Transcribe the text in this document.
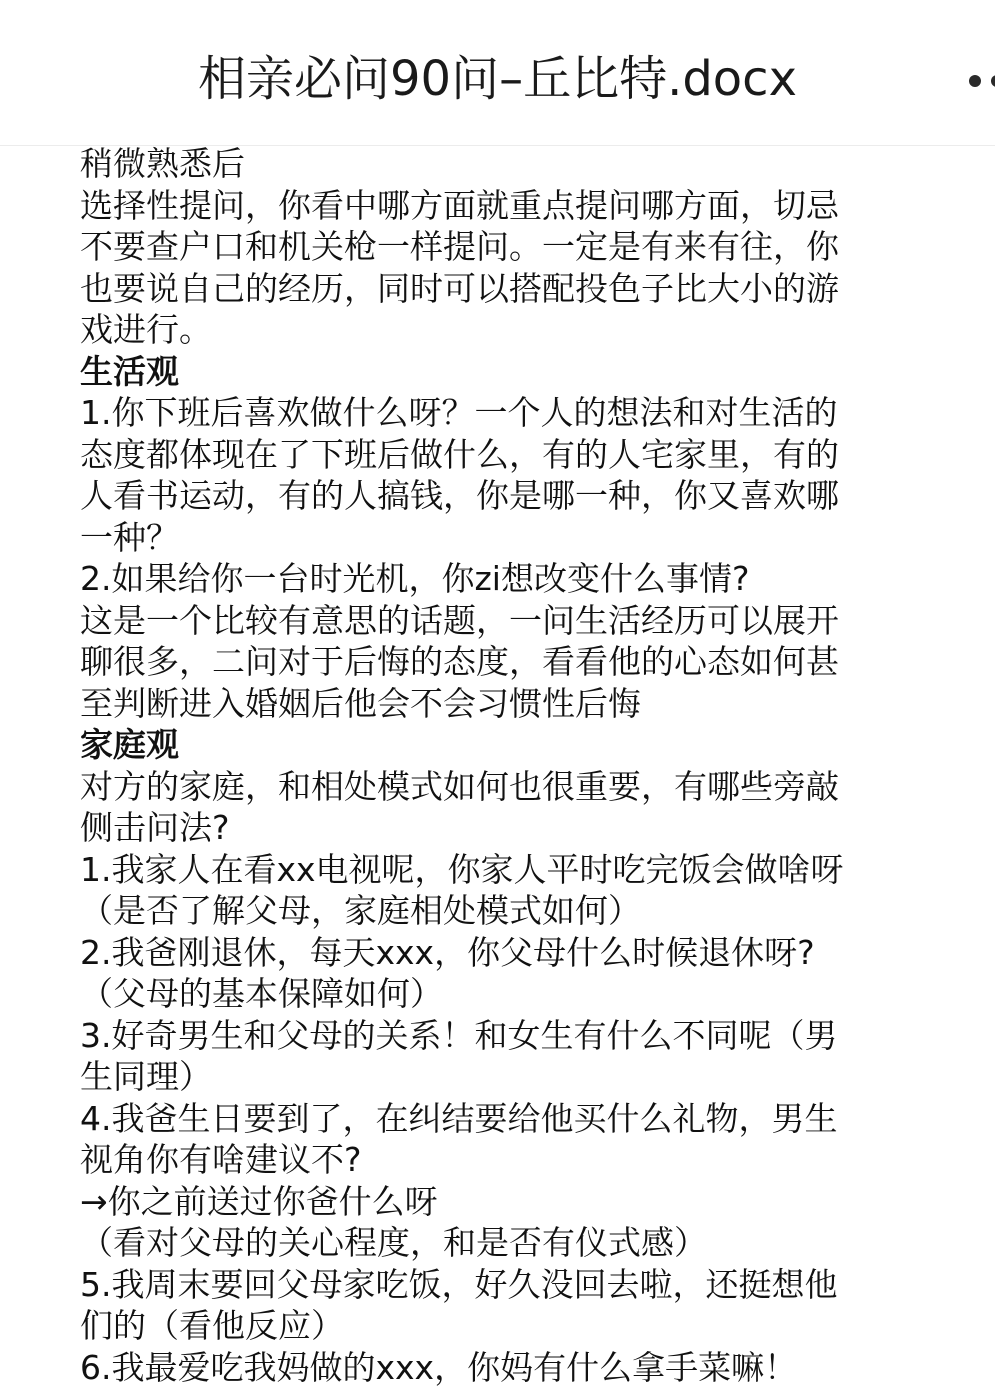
相亲必问90问–丘比特.docx

稍微熟悉后

选择性提问，你看中哪方面就重点提问哪方面，切忌
不要查户口和机关枪一样提问。一定是有来有往，你
也要说自己的经历，同时可以搭配投色子比大小的游
戏进行。

生活观

1.你下班后喜欢做什么呀？一个人的想法和对生活的
态度都体现在了下班后做什么，有的人宅家里，有的
人看书运动，有的人搞钱，你是哪一种，你又喜欢哪
一种？

2.如果给你一台时光机，你zi想改变什么事情?

这是一个比较有意思的话题，一问生活经历可以展开
聊很多，二问对于后悔的态度，看看他的心态如何甚
至判断进入婚姻后他会不会习惯性后悔

家庭观

对方的家庭，和相处模式如何也很重要，有哪些旁敲
侧击问法?

1.我家人在看xx电视呢，你家人平时吃完饭会做啥呀
（是否了解父母，家庭相处模式如何）

2.我爸刚退休，每天xxx，你父母什么时候退休呀?
（父母的基本保障如何）

3.好奇男生和父母的关系！和女生有什么不同呢（男
生同理）

4.我爸生日要到了，在纠结要给他买什么礼物，男生
视角你有啥建议不?

→你之前送过你爸什么呀
（看对父母的关心程度，和是否有仪式感）

5.我周末要回父母家吃饭，好久没回去啦，还挺想他
们的（看他反应）

6.我最爱吃我妈做的xxx，你妈有什么拿手菜嘛！
